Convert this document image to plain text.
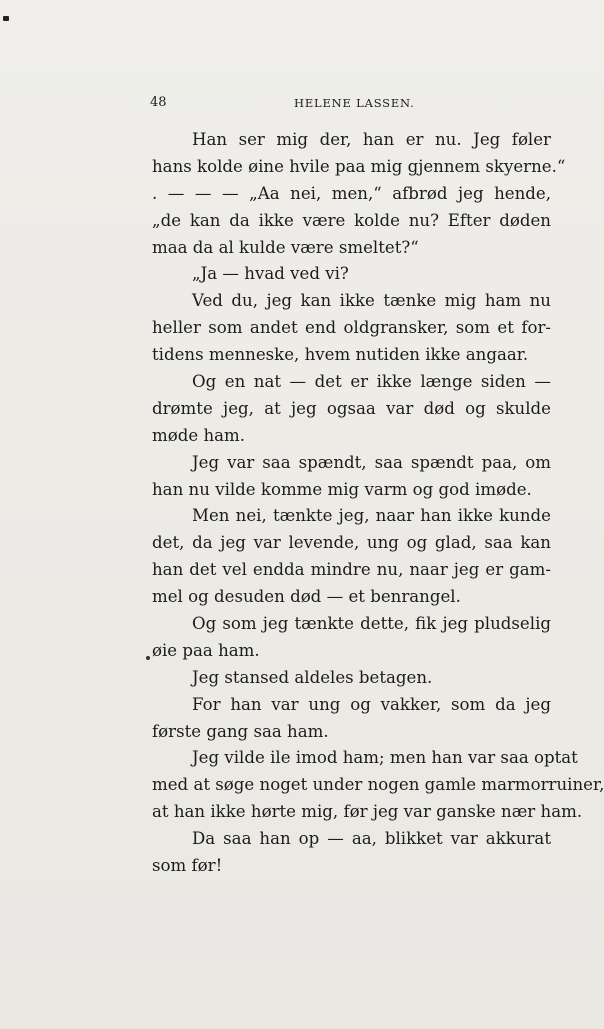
48	HELENE LASSEN.
Han ser mig der, han er nu. Jeg føler
hans kolde øine hvile paa mig gjennem skyerne.“
. — — — „Aa nei, men,“ afbrød jeg hende,
„de kan da ikke være kolde nu? Efter døden
maa da al kulde være smeltet?“
„Ja — hvad ved vi?
Ved du, jeg kan ikke tænke mig ham nu
heller som andet end oldgransker, som et for-
tidens menneske, hvem nutiden ikke angaar.
Og en nat — det er ikke længe siden —
drømte jeg, at jeg ogsaa var død og skulde
møde ham.
Jeg var saa spændt, saa spændt paa, om
han nu vilde komme mig varm og god imøde.
Men nei, tænkte jeg, naar han ikke kunde
det, da jeg var levende, ung og glad, saa kan
han det vel endda mindre nu, naar jeg er gam-
mel og desuden død — et benrangel.
Og som jeg tænkte dette, fik jeg pludselig
øie paa ham.
Jeg stansed aldeles betagen.
For han var ung og vakker, som da jeg
første gang saa ham.
Jeg vilde ile imod ham; men han var saa optat
med at søge noget under nogen gamle marmorruiner,
at han ikke hørte mig, før jeg var ganske nær ham.
Da saa han op — aa, blikket var akkurat
som før!
